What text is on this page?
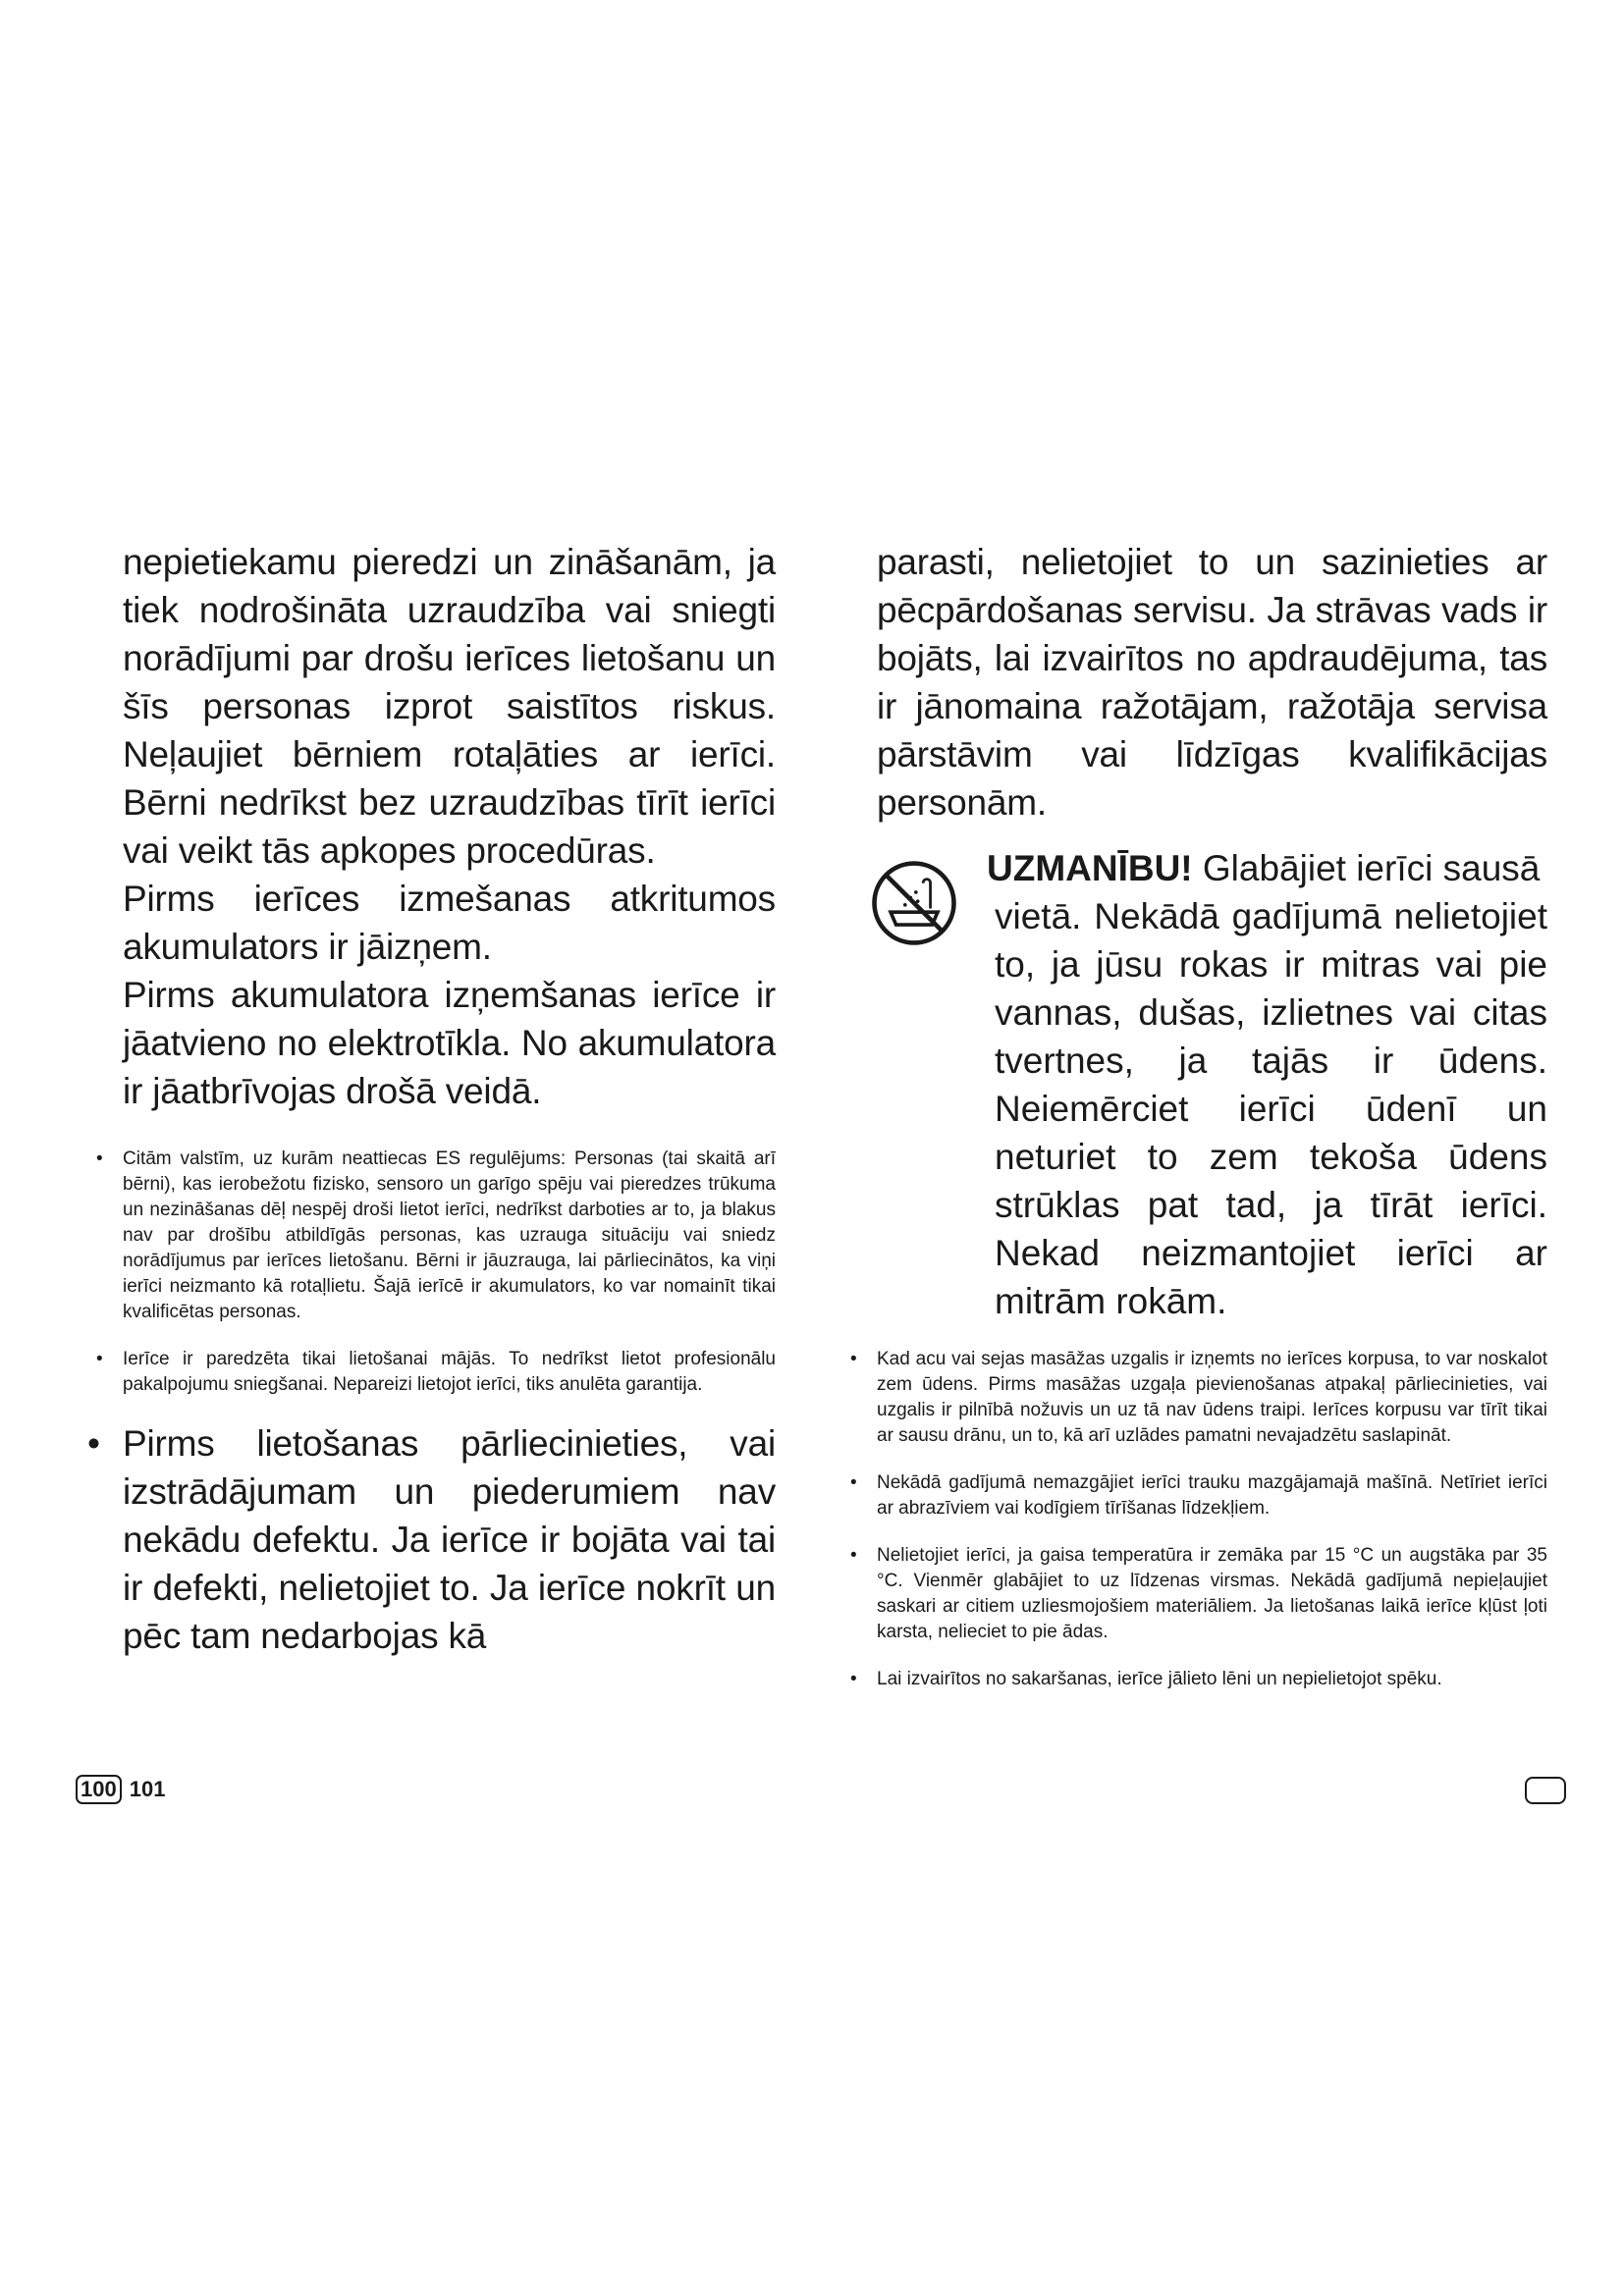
nepietiekamu pieredzi un zināšanām, ja tiek nodrošināta uzraudzība vai sniegti norādījumi par drošu ierīces lietošanu un šīs personas izprot saistītos riskus. Neļaujiet bērniem rotaļāties ar ierīci. Bērni nedrīkst bez uzraudzības tīrīt ierīci vai veikt tās apkopes procedūras.

Pirms ierīces izmešanas atkritumos akumulators ir jāizņem.

Pirms akumulatora izņemšanas ierīce ir jāatvieno no elektrotīkla. No akumulatora ir jāatbrīvojas drošā veidā.

• Citām valstīm, uz kurām neattiecas ES regulējums: Personas (tai skaitā arī bērni), kas ierobežotu fizisko, sensoro un garīgo spēju vai pieredzes trūkuma un nezināšanas dēļ nespēj droši lietot ierīci, nedrīkst darboties ar to, ja blakus nav par drošību atbildīgās personas, kas uzrauga situāciju vai sniedz norādījumus par ierīces lietošanu. Bērni ir jāuzrauga, lai pārliecinātos, ka viņi ierīci neizmanto kā rotaļlietu. Šajā ierīcē ir akumulators, ko var nomainīt tikai kvalificētas personas.
• Ierīce ir paredzēta tikai lietošanai mājās. To nedrīkst lietot profesionālu pakalpojumu sniegšanai. Nepareizi lietojot ierīci, tiks anulēta garantija.
• Pirms lietošanas pārliecinieties, vai izstrādājumam un piederumiem nav nekādu defektu. Ja ierīce ir bojāta vai tai ir defekti, nelietojiet to. Ja ierīce nokrīt un pēc tam nedarbojas kā

parasti, nelietojiet to un sazinieties ar pēcpārdošanas servisu. Ja strāvas vads ir bojāts, lai izvairītos no apdraudējuma, tas ir jānomaina ražotājam, ražotāja servisa pārstāvim vai līdzīgas kvalifikācijas personām.

UZMANĪBU! Glabājiet ierīci sausā
vietā. Nekādā gadījumā nelietojiet to, ja jūsu rokas ir mitras vai pie vannas, dušas, izlietnes vai citas tvertnes, ja tajās ir ūdens. Neiemērciet ierīci ūdenī un neturiet to zem tekoša ūdens strūklas pat tad, ja tīrāt ierīci. Nekad neizmantojiet ierīci ar mitrām rokām.

• Kad acu vai sejas masāžas uzgalis ir izņemts no ierīces korpusa, to var noskalot zem ūdens. Pirms masāžas uzgaļa pievienošanas atpakaļ pārliecinieties, vai uzgalis ir pilnībā nožuvis un uz tā nav ūdens traipi. Ierīces korpusu var tīrīt tikai ar sausu drānu, un to, kā arī uzlādes pamatni nevajadzētu saslapināt.
• Nekādā gadījumā nemazgājiet ierīci trauku mazgājamajā mašīnā. Netīriet ierīci ar abrazīviem vai kodīgiem tīrīšanas līdzekļiem.
• Nelietojiet ierīci, ja gaisa temperatūra ir zemāka par 15 °C un augstāka par 35 °C. Vienmēr glabājiet to uz līdzenas virsmas. Nekādā gadījumā nepieļaujiet saskari ar citiem uzliesmojošiem materiāliem. Ja lietošanas laikā ierīce kļūst ļoti karsta, nelieciet to pie ādas.
• Lai izvairītos no sakaršanas, ierīce jālieto lēni un nepielietojot spēku.
100 101
